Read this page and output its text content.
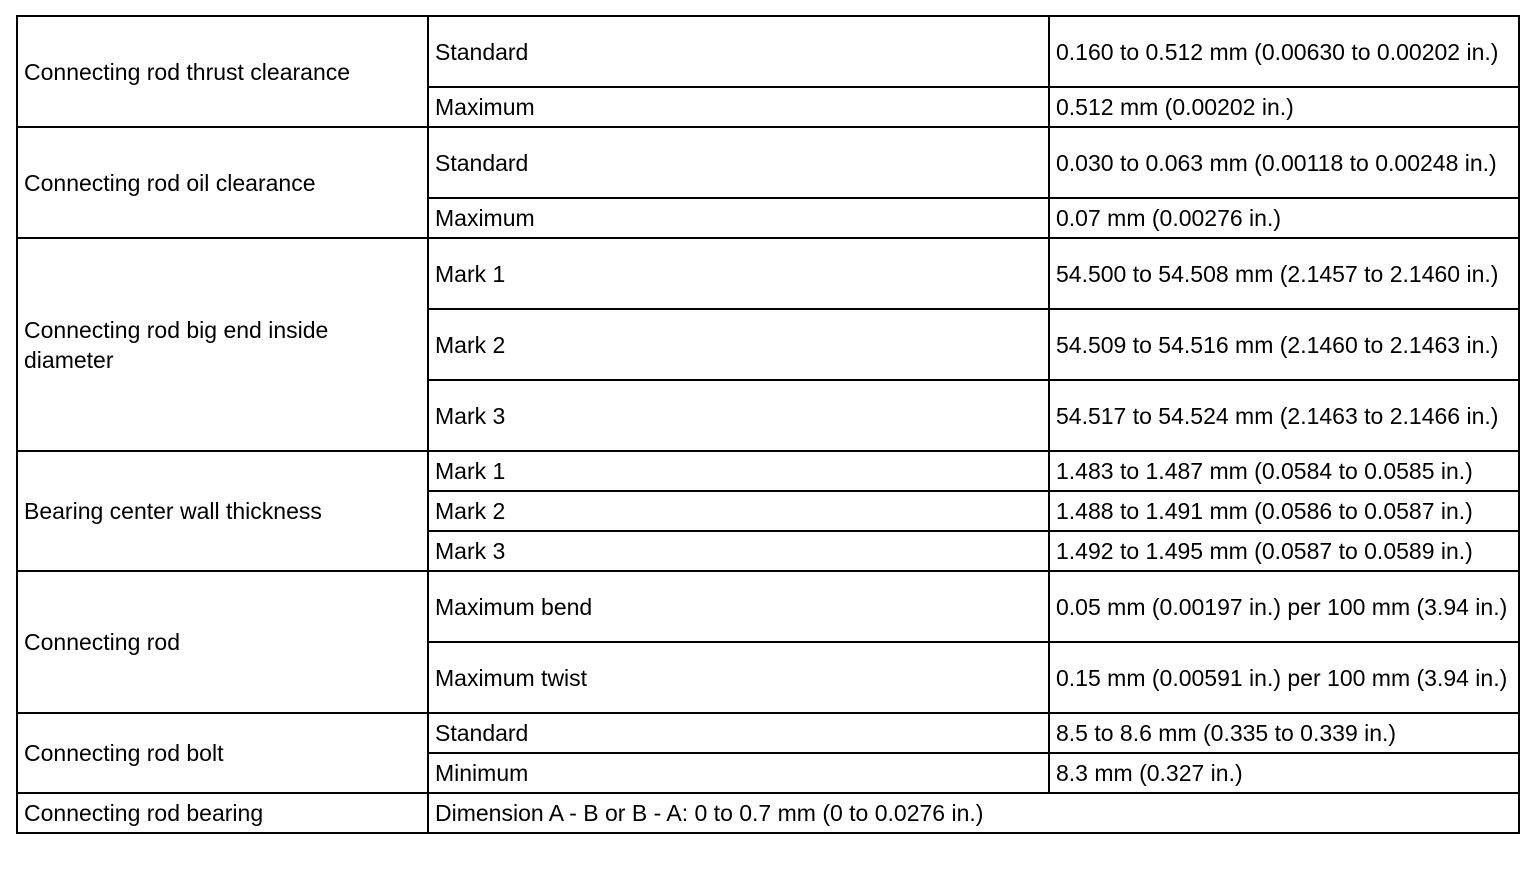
Connecting rod thrust clearance	Standard	0.160 to 0.512 mm (0.00630 to 0.00202 in.)
	Maximum	0.512 mm (0.00202 in.)
Connecting rod oil clearance	Standard	0.030 to 0.063 mm (0.00118 to 0.00248 in.)
	Maximum	0.07 mm (0.00276 in.)
Connecting rod big end inside diameter	Mark 1	54.500 to 54.508 mm (2.1457 to 2.1460 in.)
	Mark 2	54.509 to 54.516 mm (2.1460 to 2.1463 in.)
	Mark 3	54.517 to 54.524 mm (2.1463 to 2.1466 in.)
Bearing center wall thickness	Mark 1	1.483 to 1.487 mm (0.0584 to 0.0585 in.)
	Mark 2	1.488 to 1.491 mm (0.0586 to 0.0587 in.)
	Mark 3	1.492 to 1.495 mm (0.0587 to 0.0589 in.)
Connecting rod	Maximum bend	0.05 mm (0.00197 in.) per 100 mm (3.94 in.)
	Maximum twist	0.15 mm (0.00591 in.) per 100 mm (3.94 in.)
Connecting rod bolt	Standard	8.5 to 8.6 mm (0.335 to 0.339 in.)
	Minimum	8.3 mm (0.327 in.)
Connecting rod bearing	Dimension A - B or B - A: 0 to 0.7 mm (0 to 0.0276 in.)	
